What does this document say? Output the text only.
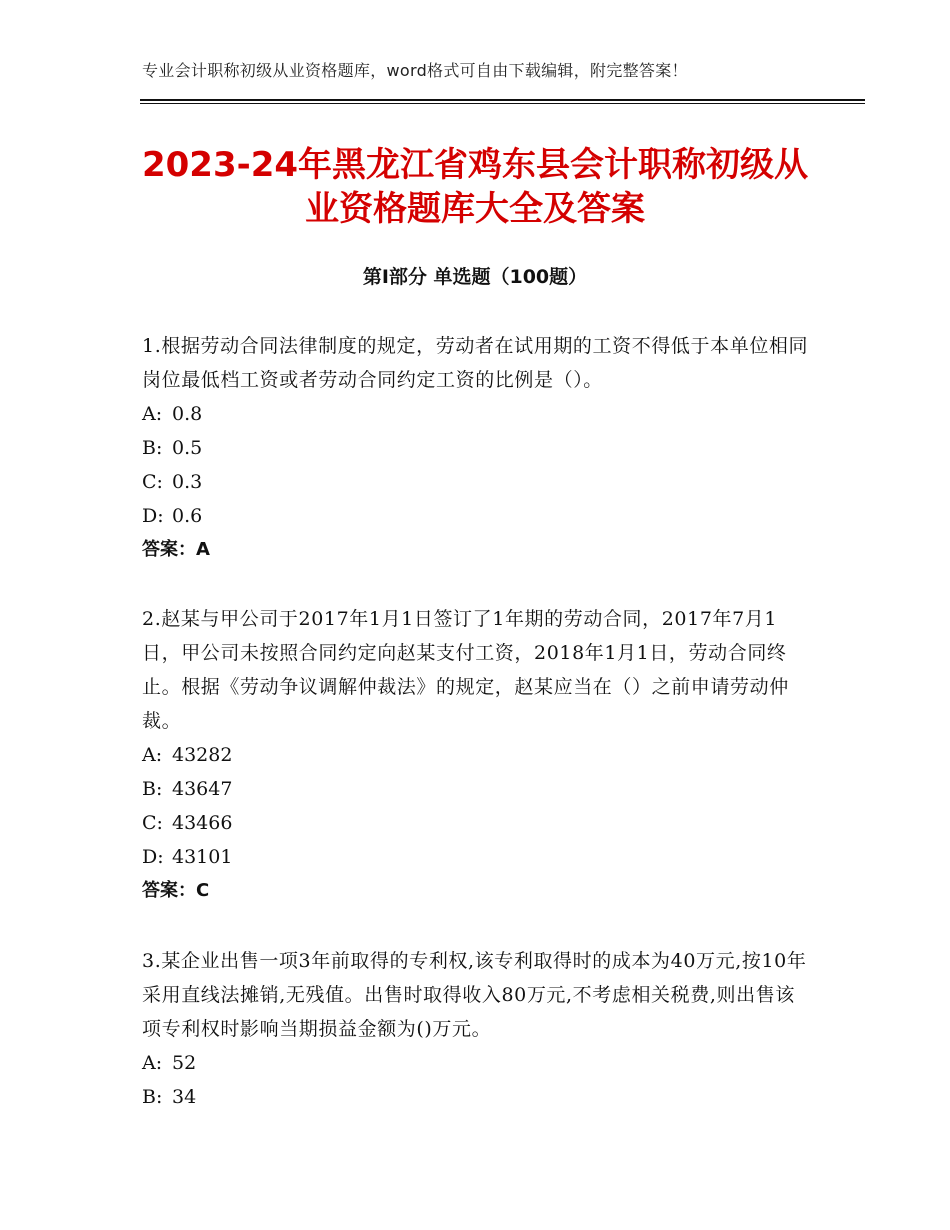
专业会计职称初级从业资格题库，word格式可自由下载编辑，附完整答案！
2023-24年黑龙江省鸡东县会计职称初级从
业资格题库大全及答案
第Ⅰ部分 单选题（100题）

1.根据劳动合同法律制度的规定，劳动者在试用期的工资不得低于本单位相同岗位最低档工资或者劳动合同约定工资的比例是（）。

A: 0.8

B: 0.5

C: 0.3

D: 0.6

答案：A

2.赵某与甲公司于2017年1月1日签订了1年期的劳动合同，2017年7月1日，甲公司未按照合同约定向赵某支付工资，2018年1月1日，劳动合同终止。根据《劳动争议调解仲裁法》的规定，赵某应当在（）之前申请劳动仲裁。

A: 43282

B: 43647

C: 43466

D: 43101

答案：C

3.某企业出售一项3年前取得的专利权,该专利取得时的成本为40万元,按10年采用直线法摊销,无残值。出售时取得收入80万元,不考虑相关税费,则出售该项专利权时影响当期损益金额为()万元。

A: 52

B: 34
